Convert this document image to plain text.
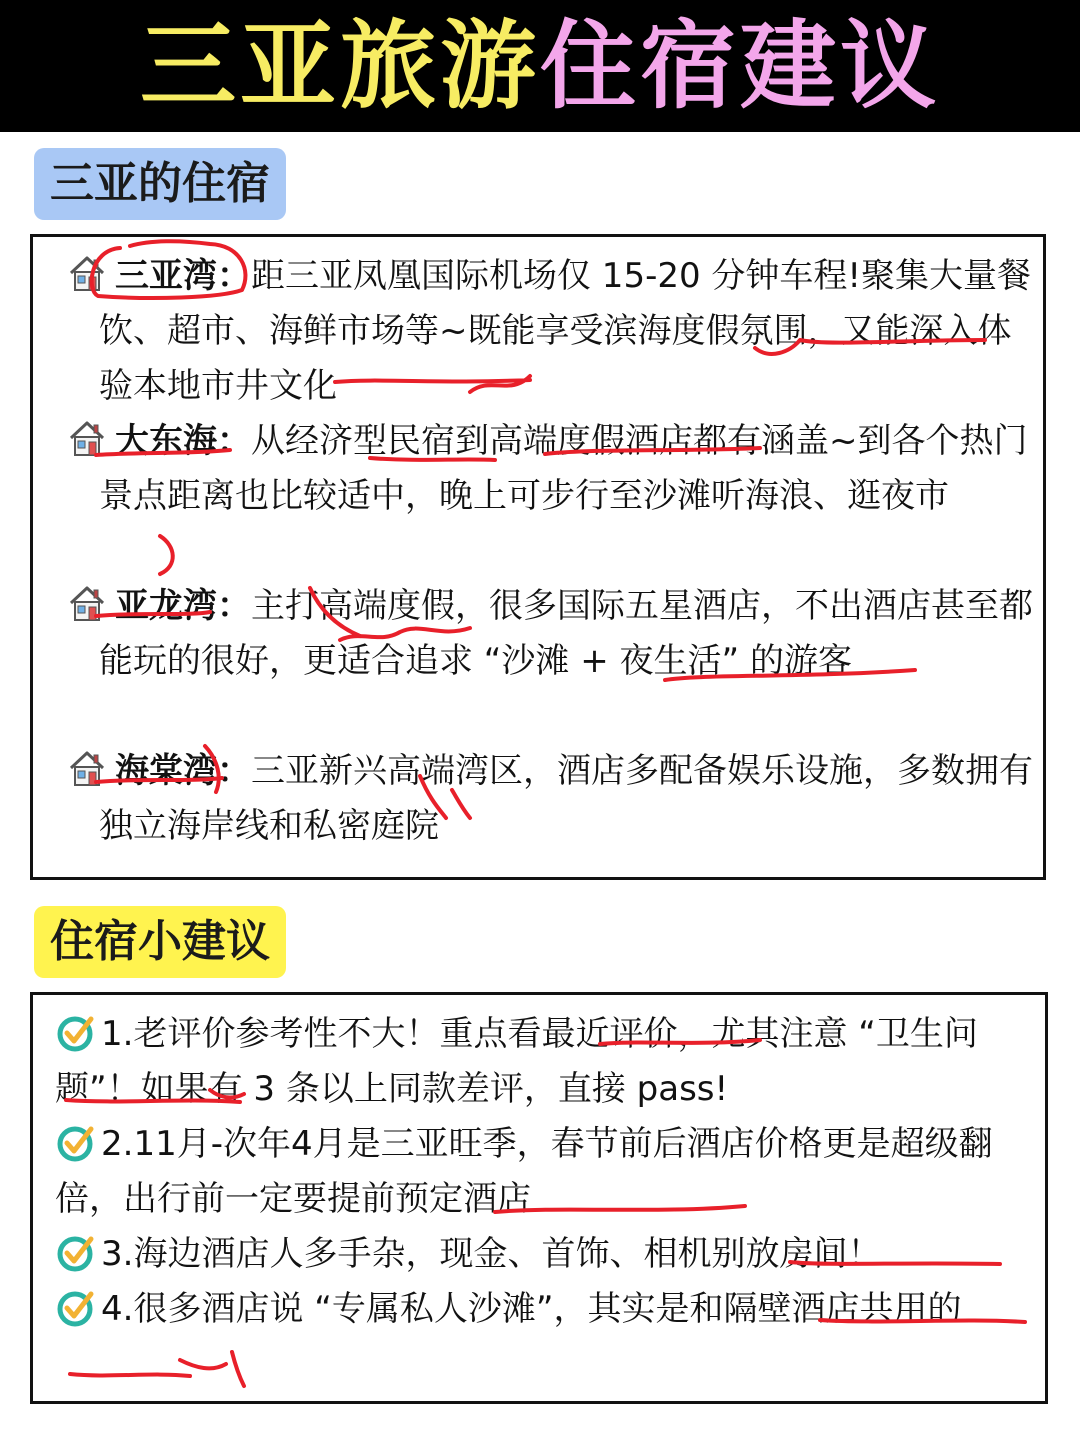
三亚旅游 住宿建议
三亚的住宿
三亚湾：距三亚凤凰国际机场仅 15-20 分钟车程!聚集大量餐饮、超市、海鲜市场等~既能享受滨海度假氛围，又能深入体验本地市井文化
大东海：从经济型民宿到高端度假酒店都有涵盖~到各个热门景点距离也比较适中，晚上可步行至沙滩听海浪、逛夜市
亚龙湾：主打高端度假，很多国际五星酒店，不出酒店甚至都能玩的很好，更适合追求 “沙滩 + 夜生活” 的游客
海棠湾：三亚新兴高端湾区，酒店多配备娱乐设施，多数拥有独立海岸线和私密庭院
住宿小建议
1.老评价参考性不大！重点看最近评价，尤其注意 “卫生问题”！如果有 3 条以上同款差评，直接 pass!
2.11月-次年4月是三亚旺季，春节前后酒店价格更是超级翻倍，出行前一定要提前预定酒店
3.海边酒店人多手杂，现金、首饰、相机别放房间！
4.很多酒店说 “专属私人沙滩”，其实是和隔壁酒店共用的
